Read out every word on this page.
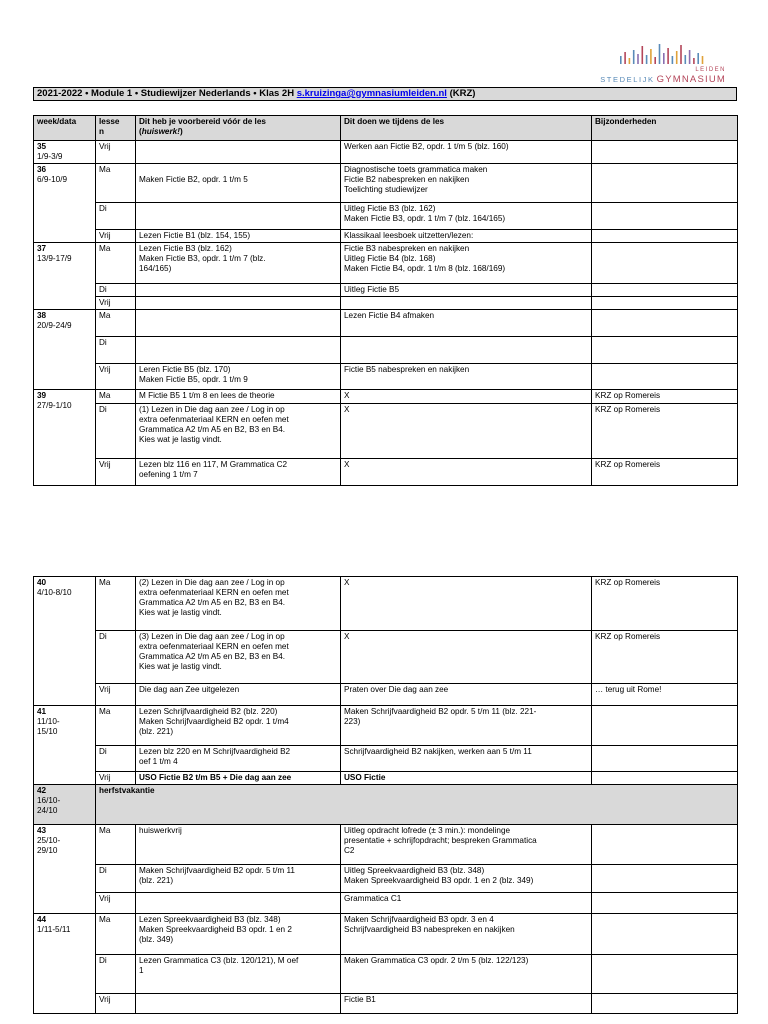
LEIDEN
STEDELIJK GYMNASIUM
2021-2022 • Module 1 • Studiewijzer Nederlands • Klas 2H s.kruizinga@gymnasiumleiden.nl (KRZ)
week/data	lesse
n	Dit heb je voorbereid vóór de les
(huiswerk!)	Dit doen we tijdens de les	Bijzonderheden

35
1/9-3/9	Vrij		Werken aan Fictie B2, opdr. 1 t/m 5 (blz. 160)	

36
6/9-10/9	Ma	Maken Fictie B2, opdr. 1 t/m 5	Diagnostische toets grammatica maken
Fictie B2 nabespreken en nakijken
Toelichting studiewijzer	

	Di		Uitleg Fictie B3 (blz. 162)
Maken Fictie B3, opdr. 1 t/m 7 (blz. 164/165)	

	Vrij	Lezen Fictie B1 (blz. 154, 155)	Klassikaal leesboek uitzetten/lezen:	

37
13/9-17/9	Ma	Lezen Fictie B3 (blz. 162)
Maken Fictie B3, opdr. 1 t/m 7 (blz.
164/165)	Fictie B3 nabespreken en nakijken
Uitleg Fictie B4 (blz. 168)
Maken Fictie B4, opdr. 1 t/m 8 (blz. 168/169)	

	Di		Uitleg Fictie B5	

	Vrij			

38
20/9-24/9	Ma		Lezen Fictie B4 afmaken	

	Di			
	Vrij	Leren Fictie B5 (blz. 170)
Maken Fictie B5, opdr. 1 t/m 9	Fictie B5 nabespreken en nakijken	

39
27/9-1/10	Ma	M Fictie B5 1 t/m 8 en lees de theorie	X	KRZ op Romereis

	Di	(1) Lezen in Die dag aan zee / Log in op
extra oefenmateriaal KERN en oefen met
Grammatica A2 t/m A5 en B2, B3 en B4.
Kies wat je lastig vindt.	X	KRZ op Romereis

	Vrij	Lezen blz 116 en 117, M Grammatica C2
oefening 1 t/m 7	X	KRZ op Romereis
40
4/10-8/10	Ma	(2) Lezen in Die dag aan zee / Log in op
extra oefenmateriaal KERN en oefen met
Grammatica A2 t/m A5 en B2, B3 en B4.
Kies wat je lastig vindt.	X	KRZ op Romereis

	Di	(3) Lezen in Die dag aan zee / Log in op
extra oefenmateriaal KERN en oefen met
Grammatica A2 t/m A5 en B2, B3 en B4.
Kies wat je lastig vindt.	X	KRZ op Romereis

	Vrij	Die dag aan Zee uitgelezen	Praten over Die dag aan zee	… terug uit Rome!

41
11/10-
15/10	Ma	Lezen Schrijfvaardigheid B2 (blz. 220)
Maken Schrijfvaardigheid B2 opdr. 1 t/m4
(blz. 221)	Maken Schrijfvaardigheid B2 opdr. 5 t/m 11 (blz. 221-
223)	

	Di	Lezen blz 220 en M Schrijfvaardigheid B2
oef 1 t/m 4	Schrijfvaardigheid B2 nakijken, werken aan 5 t/m 11	

	Vrij	USO Fictie B2 t/m B5 + Die dag aan zee	USO Fictie	

42
16/10-
24/10	herfstvakantie			

43
25/10-
29/10	Ma	huiswerkvrij	Uitleg opdracht lofrede (± 3 min.): mondelinge
presentatie + schrijfopdracht; bespreken Grammatica
C2	

	Di	Maken Schrijfvaardigheid B2 opdr. 5 t/m 11
(blz. 221)	Uitleg Spreekvaardigheid B3 (blz. 348)
Maken Spreekvaardigheid B3 opdr. 1 en 2 (blz. 349)	

	Vrij		Grammatica C1	

44
1/11-5/11	Ma	Lezen Spreekvaardigheid B3 (blz. 348)
Maken Spreekvaardigheid B3 opdr. 1 en 2
(blz. 349)	Maken Schrijfvaardigheid B3 opdr. 3 en 4
Schrijfvaardigheid B3 nabespreken en nakijken	

	Di	Lezen Grammatica C3 (blz. 120/121), M oef
1	Maken Grammatica C3 opdr. 2 t/m 5 (blz. 122/123)	

	Vrij		Fictie B1	
